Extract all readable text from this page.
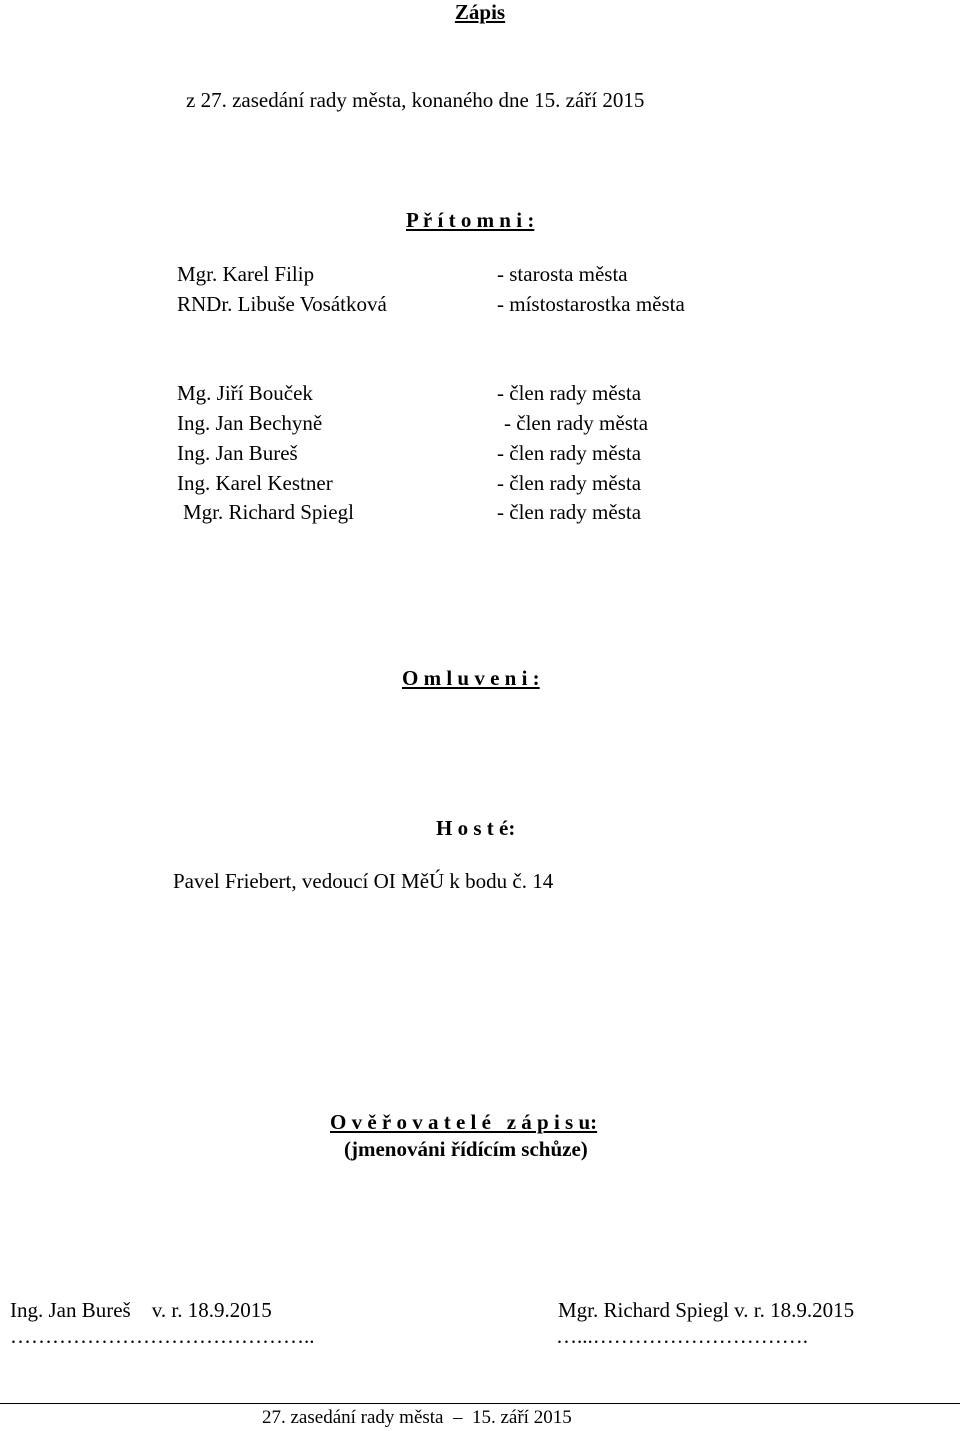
Zápis
z 27. zasedání rady města, konaného dne 15. září 2015
P ř í t o m n i :
Mgr. Karel Filip	- starosta města
RNDr. Libuše Vosátková	- místostarostka města
Mg. Jiří Bouček	- člen rady města
Ing. Jan Bechyně	- člen rady města
Ing. Jan Bureš	- člen rady města
Ing. Karel Kestner	- člen rady města
Mgr. Richard Spiegl	- člen rady města
O m l u v e n i :
H o s t é:
Pavel Friebert, vedoucí OI MěÚ k bodu č. 14
O v ě ř o v a t e l é   z á p i s u:
(jmenováni řídícím schůze)
Ing. Jan Bureš    v. r. 18.9.2015
……………………………………..
Mgr. Richard Spiegl v. r. 18.9.2015
…...………………………….
27. zasedání rady města  –  15. září 2015
